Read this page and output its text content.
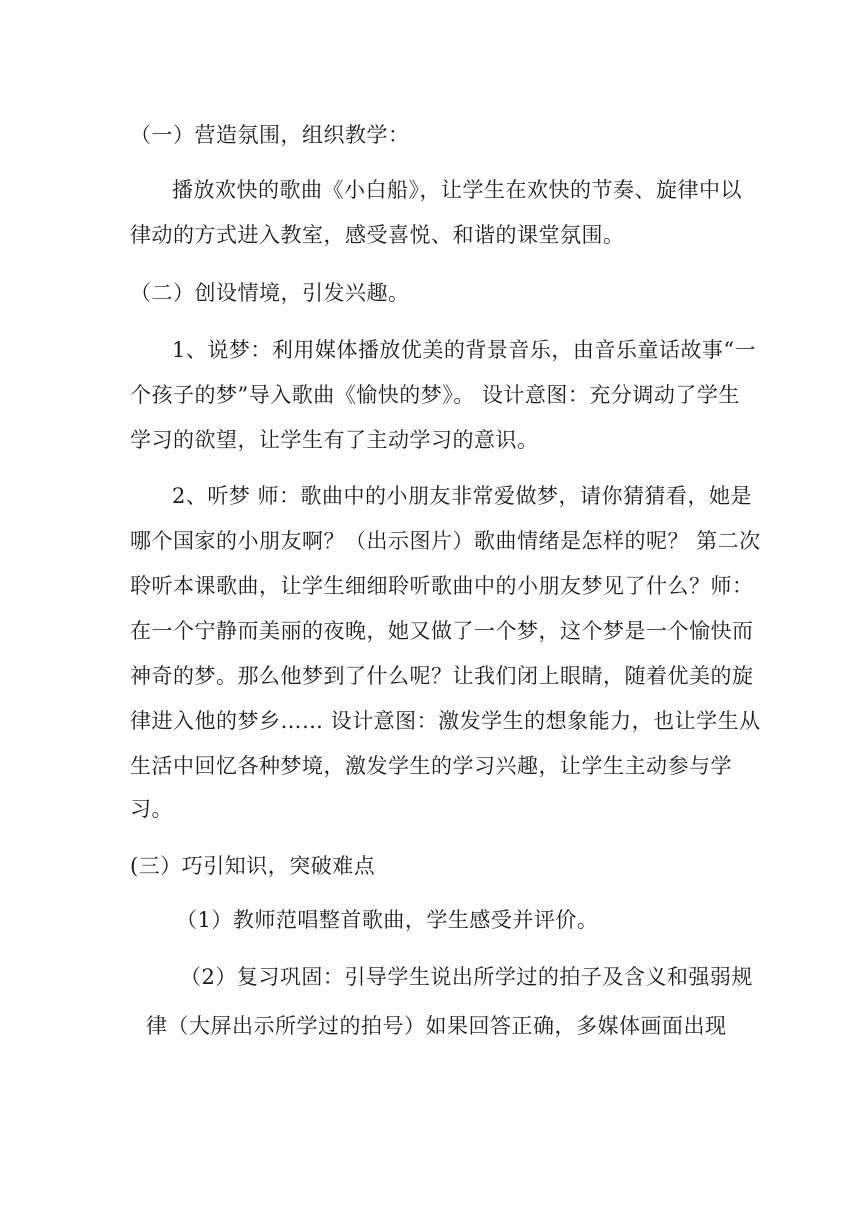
（一）营造氛围，组织教学：
播放欢快的歌曲《小白船》，让学生在欢快的节奏、旋律中以
律动的方式进入教室，感受喜悦、和谐的课堂氛围。
（二）创设情境，引发兴趣。
1、说梦：利用媒体播放优美的背景音乐，由音乐童话故事“一
个孩子的梦”导入歌曲《愉快的梦》。 设计意图：充分调动了学生
学习的欲望，让学生有了主动学习的意识。
2、听梦 师：歌曲中的小朋友非常爱做梦，请你猜猜看，她是
哪个国家的小朋友啊？（出示图片）歌曲情绪是怎样的呢？ 第二次
聆听本课歌曲，让学生细细聆听歌曲中的小朋友梦见了什么？师：
在一个宁静而美丽的夜晚，她又做了一个梦，这个梦是一个愉快而
神奇的梦。那么他梦到了什么呢？让我们闭上眼睛，随着优美的旋
律进入他的梦乡…… 设计意图：激发学生的想象能力，也让学生从
生活中回忆各种梦境，激发学生的学习兴趣，让学生主动参与学
习。
(三）巧引知识，突破难点
（1）教师范唱整首歌曲，学生感受并评价。
（2）复习巩固：引导学生说出所学过的拍子及含义和强弱规
律（大屏出示所学过的拍号）如果回答正确，多媒体画面出现
